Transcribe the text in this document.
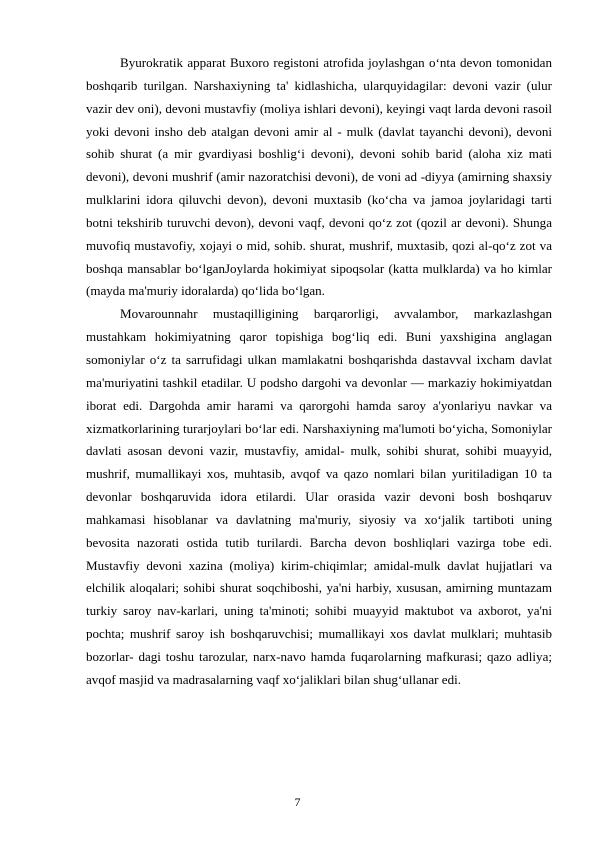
Byurokratik apparat Buxoro registoni atrofida joylashgan o‘nta devon tomonidan boshqarib turilgan. Narshaxiyning ta' kidlashicha, ularquyidagilar: devoni vazir (ulur vazir dev oni), devoni mustavfiy (moliya ishlari devoni), keyingi vaqt larda devoni rasoil yoki devoni insho deb atalgan devoni amir al - mulk (davlat tayanchi devoni), devoni sohib shurat (a mir gvardiyasi boshlig‘i devoni), devoni sohib barid (aloha xiz mati devoni), devoni mushrif (amir nazoratchisi devoni), de voni ad -diyya (amirning shaxsiy mulklarini idora qiluvchi devon), devoni muxtasib (ko‘cha va jamoa joylaridagi tarti botni tekshirib turuvchi devon), devoni vaqf, devoni qo‘z zot (qozil ar devoni). Shunga muvofiq mustavofiy, xojayi o mid, sohib. shurat, mushrif, muxtasib, qozi al-qo‘z zot va boshqa mansablar bo‘lganJoylarda hokimiyat sipoqsolar (katta mulklarda) va ho kimlar (mayda ma'muriy idoralarda) qo‘lida bo‘lgan.

Movarounnahr mustaqilligining barqarorligi, avvalambor, markazlashgan mustahkam hokimiyatning qaror topishiga bog‘liq edi. Buni yaxshigina anglagan somoniylar o‘z ta sarrufidagi ulkan mamlakatni boshqarishda dastavval ixcham davlat ma'muriyatini tashkil etadilar. U podsho dargohi va devonlar — markaziy hokimiyatdan iborat edi. Dargohda amir harami va qarorgohi hamda saroy a'yonlariyu navkar va xizmatkorlarining turarjoylari bo‘lar edi. Narshaxiyning ma'lumoti bo‘yicha, Somoniylar davlati asosan devoni vazir, mustavfiy, amidal- mulk, sohibi shurat, sohibi muayyid, mushrif, mumallikayi xos, muhtasib, avqof va qazo nomlari bilan yuritiladigan 10 ta devonlar boshqaruvida idora etilardi. Ular orasida vazir devoni bosh boshqaruv mahkamasi hisoblanar va davlatning ma'muriy, siyosiy va xo‘jalik tartiboti uning bevosita nazorati ostida tutib turilardi. Barcha devon boshliqlari vazirga tobe edi. Mustavfiy devoni xazina (moliya) kirim-chiqimlar; amidal-mulk davlat hujjatlari va elchilik aloqalari; sohibi shurat soqchiboshi, ya'ni harbiy, xususan, amirning muntazam turkiy saroy nav-karlari, uning ta'minoti; sohibi muayyid maktubot va axborot, ya'ni pochta; mushrif saroy ish boshqaruvchisi; mumallikayi xos davlat mulklari; muhtasib bozorlar- dagi toshu tarozular, narx-navo hamda fuqarolarning mafkurasi; qazo adliya; avqof masjid va madrasalarning vaqf xo‘jaliklari bilan shug‘ullanar edi.

7
